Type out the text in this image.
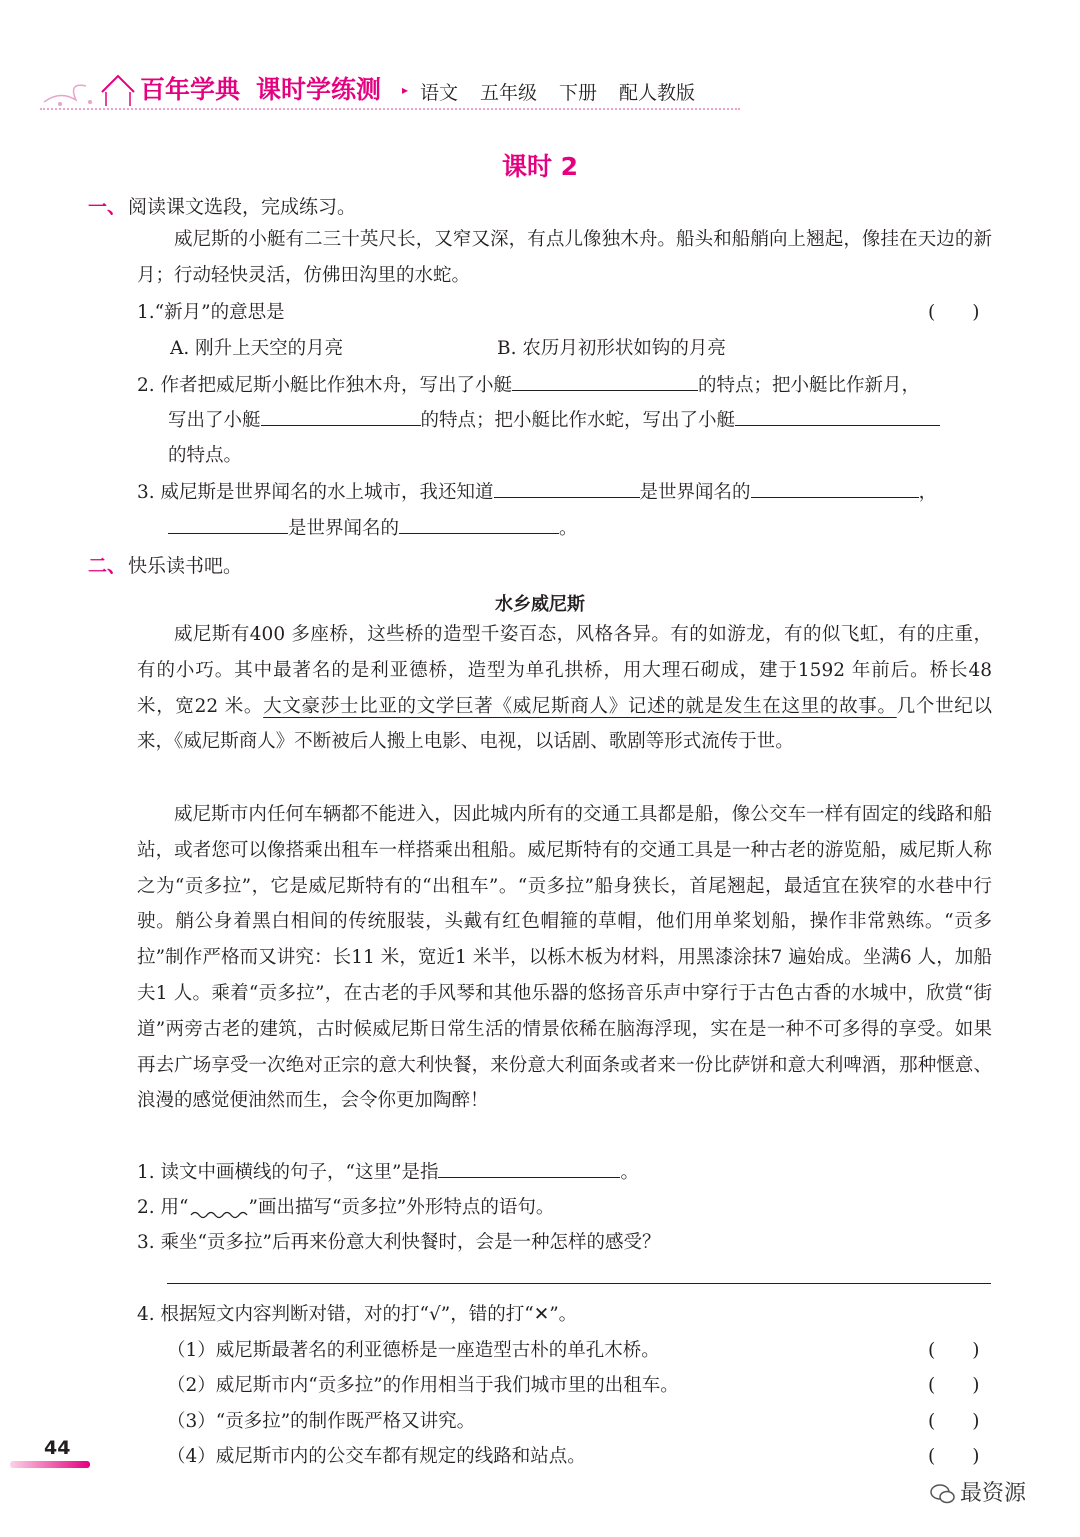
百年学典 课时学练测	▸ 语文 五年级 下册 配人教版
课时 2
一、 阅读课文选段，完成练习。
威尼斯的小艇有二三十英尺长，又窄又深，有点儿像独木舟。船头和船艄向上翘起，像挂在天边的新月；行动轻快灵活，仿佛田沟里的水蛇。
1.“新月”的意思是	(　　)
A. 刚升上天空的月亮	B. 农历月初形状如钩的月亮
2. 作者把威尼斯小艇比作独木舟，写出了小艇	的特点；把小艇比作新月，
写出了小艇	的特点；把小艇比作水蛇，写出了小艇
的特点。
3. 威尼斯是世界闻名的水上城市，我还知道	是世界闻名的	，
是世界闻名的	。
二、 快乐读书吧。
水乡威尼斯
威尼斯有400 多座桥，这些桥的造型千姿百态，风格各异。有的如游龙，有的似飞虹，有的庄重，有的小巧。其中最著名的是利亚德桥，造型为单孔拱桥，用大理石砌成，建于1592 年前后。桥长48 米，宽22 米。大文豪莎士比亚的文学巨著《威尼斯商人》记述的就是发生在这里的故事。几个世纪以来，《威尼斯商人》不断被后人搬上电影、电视，以话剧、歌剧等形式流传于世。
威尼斯市内任何车辆都不能进入，因此城内所有的交通工具都是船，像公交车一样有固定的线路和船站，或者您可以像搭乘出租车一样搭乘出租船。威尼斯特有的交通工具是一种古老的游览船，威尼斯人称之为“贡多拉”，它是威尼斯特有的“出租车”。“贡多拉”船身狭长，首尾翘起，最适宜在狭窄的水巷中行驶。艄公身着黑白相间的传统服装，头戴有红色帽箍的草帽，他们用单桨划船，操作非常熟练。“贡多拉”制作严格而又讲究：长11 米，宽近1 米半，以栎木板为材料，用黑漆涂抹7 遍始成。坐满6 人，加船夫1 人。乘着“贡多拉”，在古老的手风琴和其他乐器的悠扬音乐声中穿行于古色古香的水城中，欣赏“街道”两旁古老的建筑，古时候威尼斯日常生活的情景依稀在脑海浮现，实在是一种不可多得的享受。如果再去广场享受一次绝对正宗的意大利快餐，来份意大利面条或者来一份比萨饼和意大利啤酒，那种惬意、浪漫的感觉便油然而生，会令你更加陶醉！
1. 读文中画横线的句子，“这里”是指	。
2. 用“	”画出描写“贡多拉”外形特点的语句。
3. 乘坐“贡多拉”后再来份意大利快餐时，会是一种怎样的感受？
4. 根据短文内容判断对错，对的打“√”，错的打“✕”。
（1）威尼斯最著名的利亚德桥是一座造型古朴的单孔木桥。	(　　)
（2）威尼斯市内“贡多拉”的作用相当于我们城市里的出租车。	(　　)
（3）“贡多拉”的制作既严格又讲究。	(　　)
（4）威尼斯市内的公交车都有规定的线路和站点。	(　　)
44
最资源
